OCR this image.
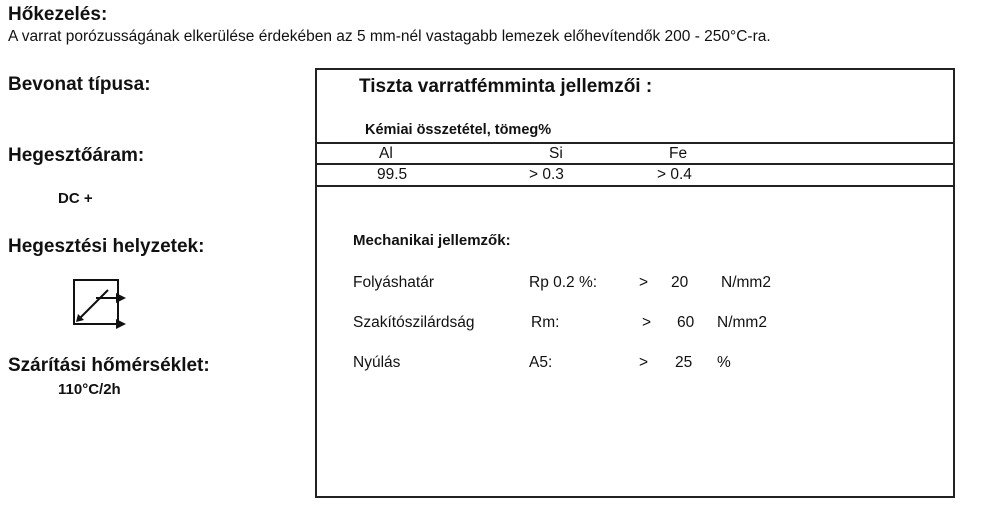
Hőkezelés:
A varrat porózusságának elkerülése érdekében az 5 mm-nél vastagabb lemezek előhevítendők 200 - 250°C-ra.
Bevonat típusa:
Hegesztőáram:
DC +
Hegesztési helyzetek:
Szárítási hőmérséklet:
110°C/2h
Tiszta varratfémminta jellemzői :
Kémiai összetétel, tömeg%
Al	Si	Fe
99.5	> 0.3	> 0.4
Mechanikai jellemzők:
Folyáshatár	Rp 0.2 %:	> 20 N/mm2
Szakítószilárdság	Rm:	> 60 N/mm2
Nyúlás	A5:	> 25 %
